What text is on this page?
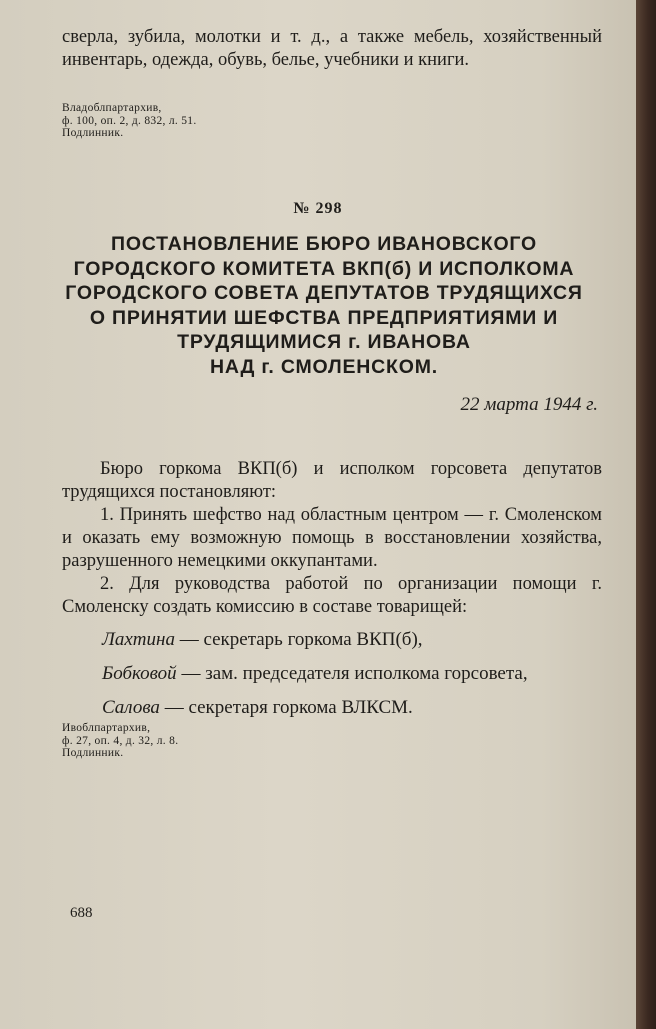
сверла, зубила, молотки и т. д., а также мебель, хозяйственный инвентарь, одежда, обувь, белье, учебники и книги.

Владоблпартархив,

ф. 100, оп. 2, д. 832, л. 51.

Подлинник.

№ 298
ПОСТАНОВЛЕНИЕ БЮРО ИВАНОВСКОГО
ГОРОДСКОГО КОМИТЕТА ВКП(б) И ИСПОЛКОМА
ГОРОДСКОГО СОВЕТА ДЕПУТАТОВ ТРУДЯЩИХСЯ
О ПРИНЯТИИ ШЕФСТВА ПРЕДПРИЯТИЯМИ И
ТРУДЯЩИМИСЯ г. ИВАНОВА
НАД г. СМОЛЕНСКОМ.
22 марта 1944 г.

Бюро горкома ВКП(б) и исполком горсовета депутатов трудящихся постановляют:

1. Принять шефство над областным центром — г. Смоленском и оказать ему возможную помощь в восстановлении хозяйства, разрушенного немецкими оккупантами.

2. Для руководства работой по организации помощи г. Смоленску создать комиссию в составе товарищей:

Лахтина — секретарь горкома ВКП(б),

Бобковой — зам. председателя исполкома горсовета,

Салова — секретаря горкома ВЛКСМ.

Ивоблпартархив,

ф. 27, оп. 4, д. 32, л. 8.

Подлинник.

688
